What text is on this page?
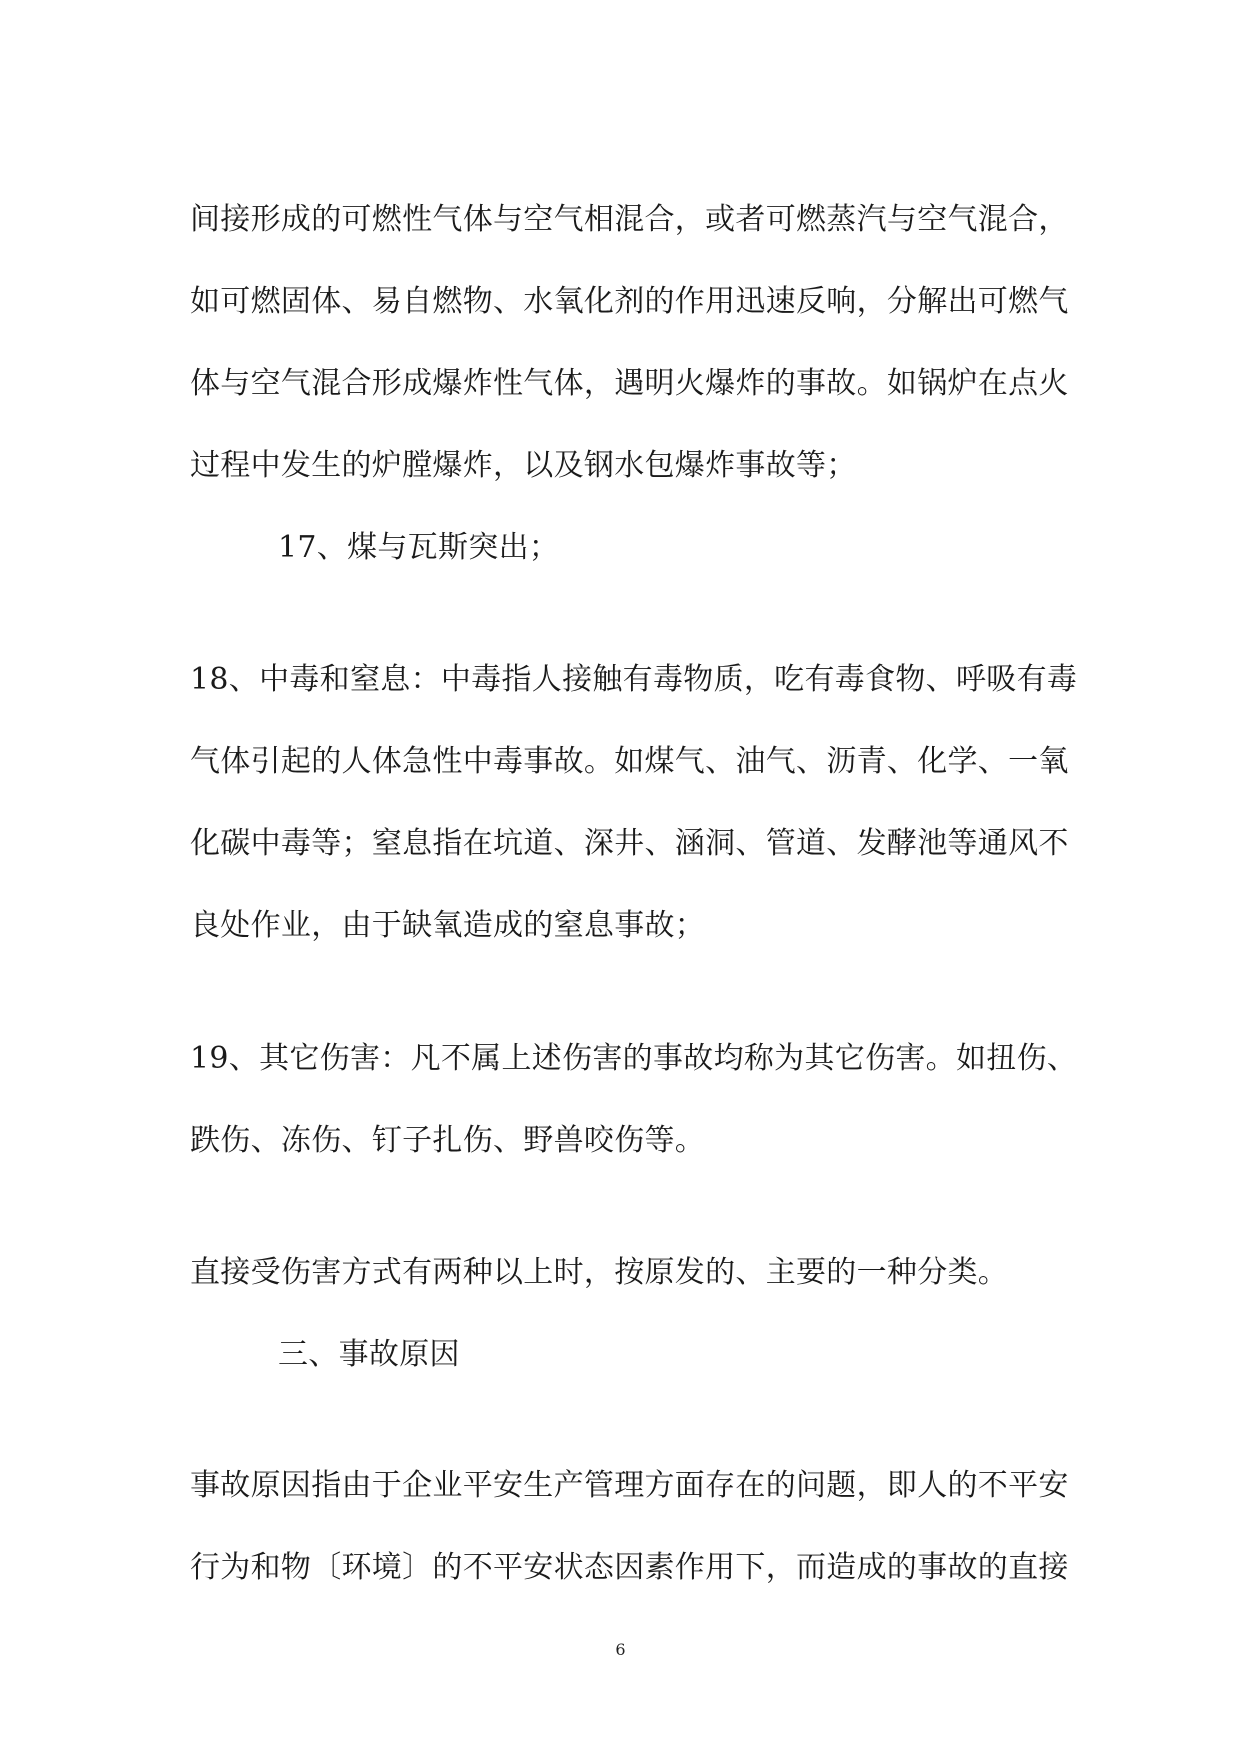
间接形成的可燃性气体与空气相混合，或者可燃蒸汽与空气混合，
如可燃固体、易自燃物、水氧化剂的作用迅速反响，分解出可燃气
体与空气混合形成爆炸性气体，遇明火爆炸的事故。如锅炉在点火
过程中发生的炉膛爆炸，以及钢水包爆炸事故等；
17、煤与瓦斯突出；
18、中毒和窒息：中毒指人接触有毒物质，吃有毒食物、呼吸有毒
气体引起的人体急性中毒事故。如煤气、油气、沥青、化学、一氧
化碳中毒等；窒息指在坑道、深井、涵洞、管道、发酵池等通风不
良处作业，由于缺氧造成的窒息事故；
19、其它伤害：凡不属上述伤害的事故均称为其它伤害。如扭伤、
跌伤、冻伤、钉子扎伤、野兽咬伤等。
直接受伤害方式有两种以上时，按原发的、主要的一种分类。
三、事故原因
事故原因指由于企业平安生产管理方面存在的问题，即人的不平安
行为和物〔环境〕的不平安状态因素作用下，而造成的事故的直接
6
